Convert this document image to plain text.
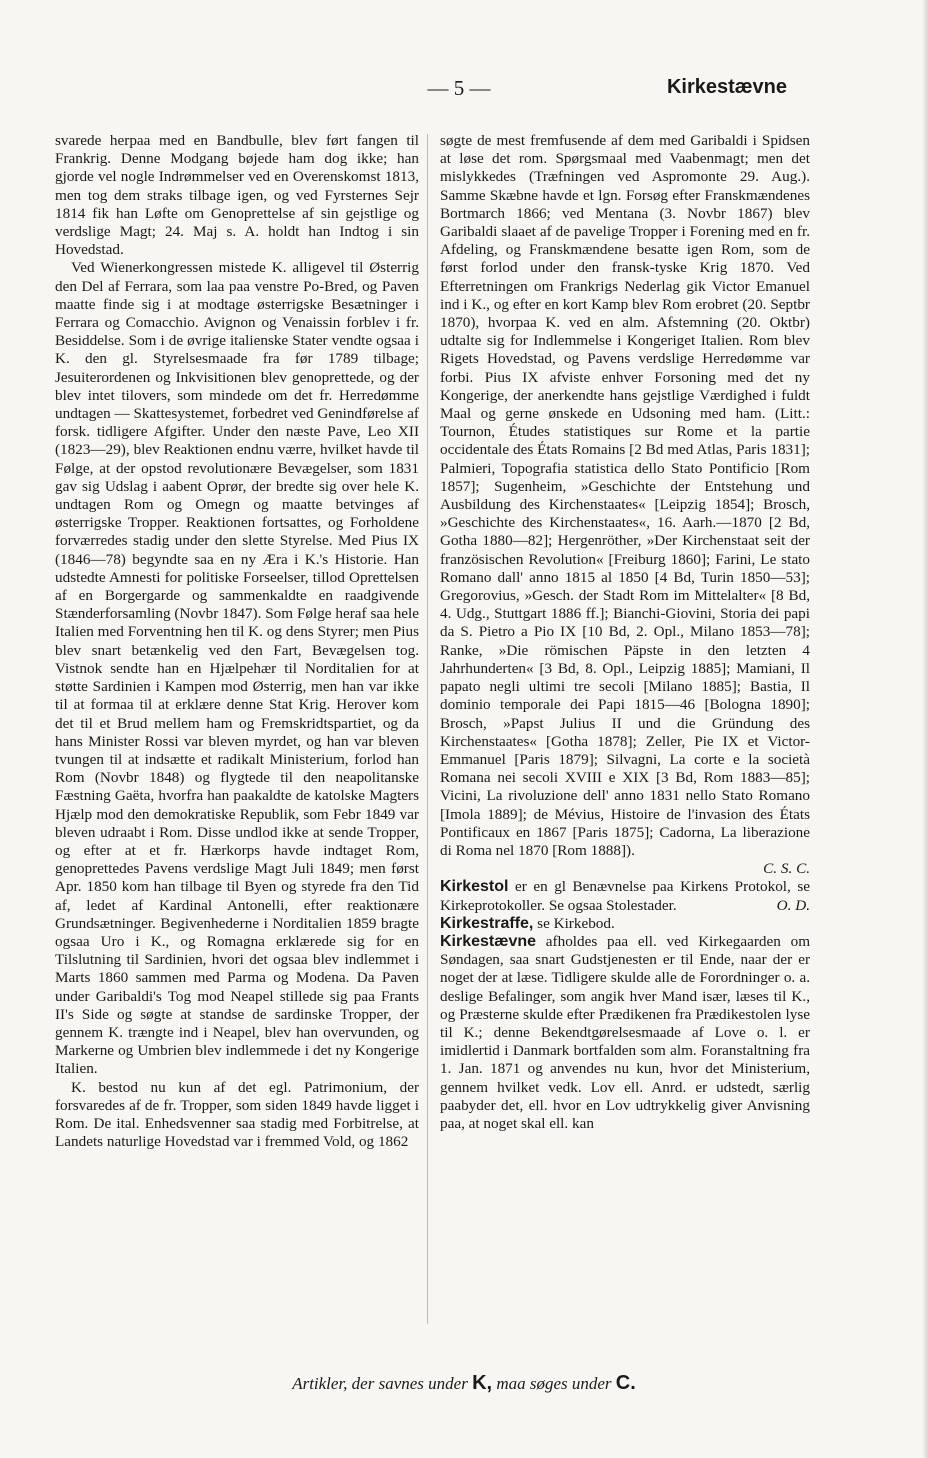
— 5 —	Kirkestævne

svarede herpaa med en Bandbulle, blev ført fangen til Frankrig. Denne Modgang bøjede ham dog ikke; han gjorde vel nogle Indrømmelser ved en Overenskomst 1813, men tog dem straks tilbage igen, og ved Fyrsternes Sejr 1814 fik han Løfte om Genoprettelse af sin gejstlige og verdslige Magt; 24. Maj s. A. holdt han Indtog i sin Hovedstad.

Ved Wienerkongressen mistede K. alligevel til Østerrig den Del af Ferrara, som laa paa venstre Po-Bred, og Paven maatte finde sig i at modtage østerrigske Besætninger i Ferrara og Comacchio. Avignon og Venaissin forblev i fr. Besiddelse. Som i de øvrige italienske Stater vendte ogsaa i K. den gl. Styrelsesmaade fra før 1789 tilbage; Jesuiterordenen og Inkvisitionen blev genoprettede, og der blev intet tilovers, som mindede om det fr. Herredømme undtagen — Skattesystemet, forbedret ved Genindførelse af forsk. tidligere Afgifter. Under den næste Pave, Leo XII (1823—29), blev Reaktionen endnu værre, hvilket havde til Følge, at der opstod revolutionære Bevægelser, som 1831 gav sig Udslag i aabent Oprør, der bredte sig over hele K. undtagen Rom og Omegn og maatte betvinges af østerrigske Tropper. Reaktionen fortsattes, og Forholdene forværredes stadig under den slette Styrelse. Med Pius IX (1846—78) begyndte saa en ny Æra i K.'s Historie. Han udstedte Amnesti for politiske Forseelser, tillod Oprettelsen af en Borgergarde og sammenkaldte en raadgivende Stænderforsamling (Novbr 1847). Som Følge heraf saa hele Italien med Forventning hen til K. og dens Styrer; men Pius blev snart betænkelig ved den Fart, Bevægelsen tog. Vistnok sendte han en Hjælpehær til Norditalien for at støtte Sardinien i Kampen mod Østerrig, men han var ikke til at formaa til at erklære denne Stat Krig. Herover kom det til et Brud mellem ham og Fremskridtspartiet, og da hans Minister Rossi var bleven myrdet, og han var bleven tvungen til at indsætte et radikalt Ministerium, forlod han Rom (Novbr 1848) og flygtede til den neapolitanske Fæstning Gaëta, hvorfra han paakaldte de katolske Magters Hjælp mod den demokratiske Republik, som Febr 1849 var bleven udraabt i Rom. Disse undlod ikke at sende Tropper, og efter at et fr. Hærkorps havde indtaget Rom, genoprettedes Pavens verdslige Magt Juli 1849; men først Apr. 1850 kom han tilbage til Byen og styrede fra den Tid af, ledet af Kardinal Antonelli, efter reaktionære Grundsætninger. Begivenhederne i Norditalien 1859 bragte ogsaa Uro i K., og Romagna erklærede sig for en Tilslutning til Sardinien, hvori det ogsaa blev indlemmet i Marts 1860 sammen med Parma og Modena. Da Paven under Garibaldi's Tog mod Neapel stillede sig paa Frants II's Side og søgte at standse de sardinske Tropper, der gennem K. trængte ind i Neapel, blev han overvunden, og Markerne og Umbrien blev indlemmede i det ny Kongerige Italien.

K. bestod nu kun af det egl. Patrimonium, der forsvaredes af de fr. Tropper, som siden 1849 havde ligget i Rom. De ital. Enhedsvenner saa stadig med Forbitrelse, at Landets naturlige Hovedstad var i fremmed Vold, og 1862

søgte de mest fremfusende af dem med Garibaldi i Spidsen at løse det rom. Spørgsmaal med Vaabenmagt; men det mislykkedes (Træfningen ved Aspromonte 29. Aug.). Samme Skæbne havde et lgn. Forsøg efter Franskmændenes Bortmarch 1866; ved Mentana (3. Novbr 1867) blev Garibaldi slaaet af de pavelige Tropper i Forening med en fr. Afdeling, og Franskmændene besatte igen Rom, som de først forlod under den fransk-tyske Krig 1870. Ved Efterretningen om Frankrigs Nederlag gik Victor Emanuel ind i K., og efter en kort Kamp blev Rom erobret (20. Septbr 1870), hvorpaa K. ved en alm. Afstemning (20. Oktbr) udtalte sig for Indlemmelse i Kongeriget Italien. Rom blev Rigets Hovedstad, og Pavens verdslige Herredømme var forbi. Pius IX afviste enhver Forsoning med det ny Kongerige, der anerkendte hans gejstlige Værdighed i fuldt Maal og gerne ønskede en Udsoning med ham. (Litt.: Tournon, Études statistiques sur Rome et la partie occidentale des États Romains [2 Bd med Atlas, Paris 1831]; Palmieri, Topografia statistica dello Stato Pontificio [Rom 1857]; Sugenheim, »Geschichte der Entstehung und Ausbildung des Kirchenstaates« [Leipzig 1854]; Brosch, »Geschichte des Kirchenstaates«, 16. Aarh.—1870 [2 Bd, Gotha 1880—82]; Hergenröther, »Der Kirchenstaat seit der französischen Revolution« [Freiburg 1860]; Farini, Le stato Romano dall' anno 1815 al 1850 [4 Bd, Turin 1850—53]; Gregorovius, »Gesch. der Stadt Rom im Mittelalter« [8 Bd, 4. Udg., Stuttgart 1886 ff.]; Bianchi-Giovini, Storia dei papi da S. Pietro a Pio IX [10 Bd, 2. Opl., Milano 1853—78]; Ranke, »Die römischen Päpste in den letzten 4 Jahrhunderten« [3 Bd, 8. Opl., Leipzig 1885]; Mamiani, Il papato negli ultimi tre secoli [Milano 1885]; Bastia, Il dominio temporale dei Papi 1815—46 [Bologna 1890]; Brosch, »Papst Julius II und die Gründung des Kirchenstaates« [Gotha 1878]; Zeller, Pie IX et Victor-Emmanuel [Paris 1879]; Silvagni, La corte e la società Romana nei secoli XVIII e XIX [3 Bd, Rom 1883—85]; Vicini, La rivoluzione dell' anno 1831 nello Stato Romano [Imola 1889]; de Mévius, Histoire de l'invasion des États Pontificaux en 1867 [Paris 1875]; Cadorna, La liberazione di Roma nel 1870 [Rom 1888]).

C. S. C.

Kirkestol er en gl Benævnelse paa Kirkens Protokol, se Kirkeprotokoller. Se ogsaa Stolestader.	O. D.

Kirkestraffe, se Kirkebod.

Kirkestævne afholdes paa ell. ved Kirkegaarden om Søndagen, saa snart Gudstjenesten er til Ende, naar der er noget der at læse. Tidligere skulde alle de Forordninger o. a. deslige Befalinger, som angik hver Mand især, læses til K., og Præsterne skulde efter Prædikenen fra Prædikestolen lyse til K.; denne Bekendtgørelsesmaade af Love o. l. er imidlertid i Danmark bortfalden som alm. Foranstaltning fra 1. Jan. 1871 og anvendes nu kun, hvor det Ministerium, gennem hvilket vedk. Lov ell. Anrd. er udstedt, særlig paabyder det, ell. hvor en Lov udtrykkelig giver Anvisning paa, at noget skal ell. kan

Artikler, der savnes under K, maa søges under C.
